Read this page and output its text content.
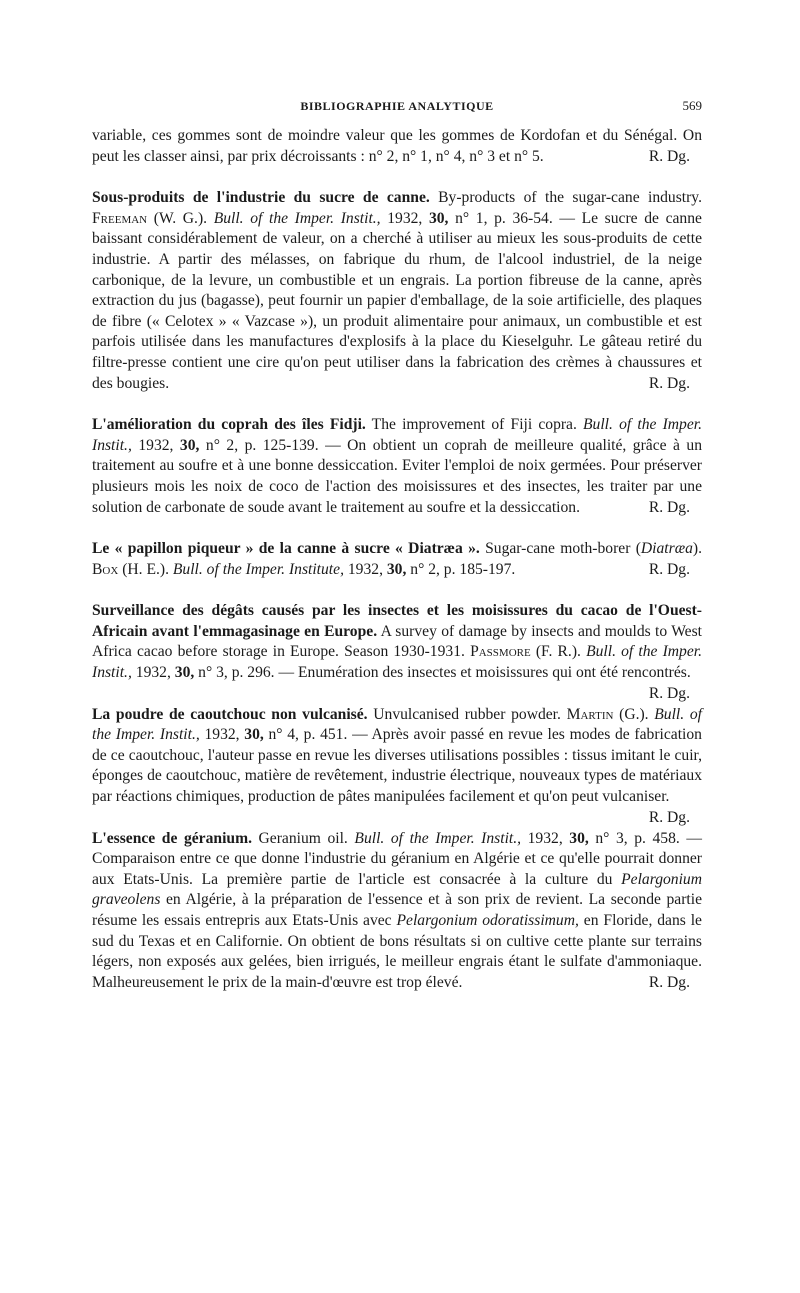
BIBLIOGRAPHIE ANALYTIQUE	569

variable, ces gommes sont de moindre valeur que les gommes de Kordofan et du Sénégal. On peut les classer ainsi, par prix décroissants : n° 2, n° 1, n° 4, n° 3 et n° 5.	R. Dg.

Sous-produits de l'industrie du sucre de canne. By-products of the sugar-cane industry. Freeman (W. G.). Bull. of the Imper. Instit., 1932, 30, n° 1, p. 36-54. — Le sucre de canne baissant considérablement de valeur, on a cherché à utiliser au mieux les sous-produits de cette industrie. A partir des mélasses, on fabrique du rhum, de l'alcool industriel, de la neige carbonique, de la levure, un combustible et un engrais. La portion fibreuse de la canne, après extraction du jus (bagasse), peut fournir un papier d'emballage, de la soie artificielle, des plaques de fibre (« Celotex » « Vazcase »), un produit alimentaire pour animaux, un combustible et est parfois utilisée dans les manufactures d'explosifs à la place du Kieselguhr. Le gâteau retiré du filtre-presse contient une cire qu'on peut utiliser dans la fabrication des crèmes à chaussures et des bougies.	R. Dg.

L'amélioration du coprah des îles Fidji. The improvement of Fiji copra. Bull. of the Imper. Instit., 1932, 30, n° 2, p. 125-139. — On obtient un coprah de meilleure qualité, grâce à un traitement au soufre et à une bonne dessiccation. Eviter l'emploi de noix germées. Pour préserver plusieurs mois les noix de coco de l'action des moisissures et des insectes, les traiter par une solution de carbonate de soude avant le traitement au soufre et la dessiccation.	R. Dg.

Le « papillon piqueur » de la canne à sucre « Diatræa ». Sugar-cane moth-borer (Diatræa). Box (H. E.). Bull. of the Imper. Institute, 1932, 30, n° 2, p. 185-197.	R. Dg.

Surveillance des dégâts causés par les insectes et les moisissures du cacao de l'Ouest-Africain avant l'emmagasinage en Europe. A survey of damage by insects and moulds to West Africa cacao before storage in Europe. Season 1930-1931. Passmore (F. R.). Bull. of the Imper. Instit., 1932, 30, n° 3, p. 296. — Enumération des insectes et moisissures qui ont été rencontrés.
R. Dg.

La poudre de caoutchouc non vulcanisé. Unvulcanised rubber powder. Martin (G.). Bull. of the Imper. Instit., 1932, 30, n° 4, p. 451. — Après avoir passé en revue les modes de fabrication de ce caoutchouc, l'auteur passe en revue les diverses utilisations possibles : tissus imitant le cuir, éponges de caoutchouc, matière de revêtement, industrie électrique, nouveaux types de matériaux par réactions chimiques, production de pâtes manipulées facilement et qu'on peut vulcaniser.
R. Dg.

L'essence de géranium. Geranium oil. Bull. of the Imper. Instit., 1932, 30, n° 3, p. 458. — Comparaison entre ce que donne l'industrie du géranium en Algérie et ce qu'elle pourrait donner aux Etats-Unis. La première partie de l'article est consacrée à la culture du Pelargonium graveolens en Algérie, à la préparation de l'essence et à son prix de revient. La seconde partie résume les essais entrepris aux Etats-Unis avec Pelargonium odoratissimum, en Floride, dans le sud du Texas et en Californie. On obtient de bons résultats si on cultive cette plante sur terrains légers, non exposés aux gelées, bien irrigués, le meilleur engrais étant le sulfate d'ammoniaque. Malheureusement le prix de la main-d'œuvre est trop élevé.	R. Dg.
